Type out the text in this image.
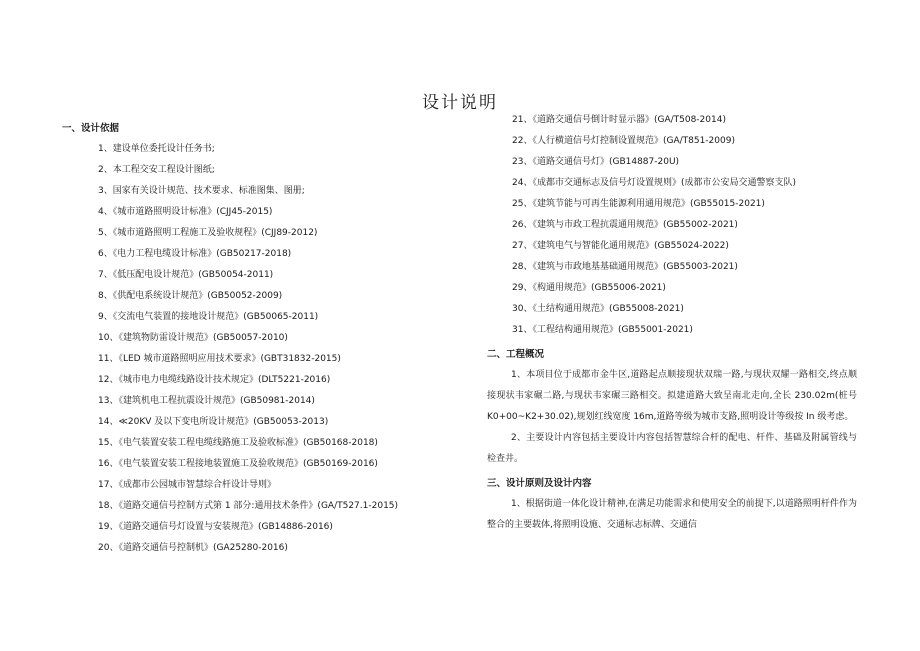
设计说明
一、设计依据
1、建设单位委托设计任务书;
2、本工程交安工程设计图纸;
3、国家有关设计规范、技术要求、标准图集、图册;
4、《城市道路照明设计标准》(CJJ45-2015)
5、《城市道路照明工程施工及验收规程》(CJJ89-2012)
6、《电力工程电缆设计标准》(GB50217-2018)
7、《低压配电设计规范》(GB50054-2011)
8、《供配电系统设计规范》(GB50052-2009)
9、《交流电气装置的接地设计规范》(GB50065-2011)
10、《建筑物防雷设计规范》(GB50057-2010)
11、《LED 城市道路照明应用技术要求》(GBT31832-2015)
12、《城市电力电缆线路设计技术规定》(DLT5221-2016)
13、《建筑机电工程抗震设计规范》(GB50981-2014)
14、≪20KV 及以下变电所设计规范》(GB50053-2013)
15、《电气装置安装工程电缆线路施工及验收标准》(GB50168-2018)
16、《电气装置安装工程接地装置施工及验收规范》(GB50169-2016)
17、《成都市公园城市智慧综合杆设计导则》
18、《道路交通信号控制方式第 1 部分:通用技术条件》(GA/T527.1-2015)
19、《道路交通信号灯设置与安装规范》(GB14886-2016)
20、《道路交通信号控制机》(GA25280-2016)
21、《道路交通信号倒计时显示器》(GA/T508-2014)
22、《人行横道信号灯控制设置规范》(GA/T851-2009)
23、《道路交通信号灯》(GB14887-20U)
24、《成都市交通标志及信号灯设置规则》(成都市公安局交通警察支队)
25、《建筑节能与可再生能源利用通用规范》(GB55015-2021)
26、《建筑与市政工程抗震通用规范》(GB55002-2021)
27、《建筑电气与智能化通用规范》(GB55024-2022)
28、《建筑与市政地基基础通用规范》(GB55003-2021)
29、《构通用规范》(GB55006-2021)
30、《土结构通用规范》(GB55008-2021)
31、《工程结构通用规范》(GB55001-2021)
二、工程概况
1、本项目位于成都市金牛区,道路起点顺接现状双瑞一路,与现状双耀一路相交,终点顺接现状韦家碾二路,与现状韦家碾三路相交。拟建道路大致呈南北走向,全长 230.02m(桩号 K0+00~K2+30.02),规划红线宽度 16m,道路等级为城市支路,照明设计等级按 In 级考虑。
2、主要设计内容包括主要设计内容包括智慧综合杆的配电、杆件、基础及附属管线与检查井。
三、设计原则及设计内容
1、根据街道一体化设计精神,在满足功能需求和使用安全的前提下,以道路照明杆件作为整合的主要载体,将照明设施、交通标志标牌、交通信
